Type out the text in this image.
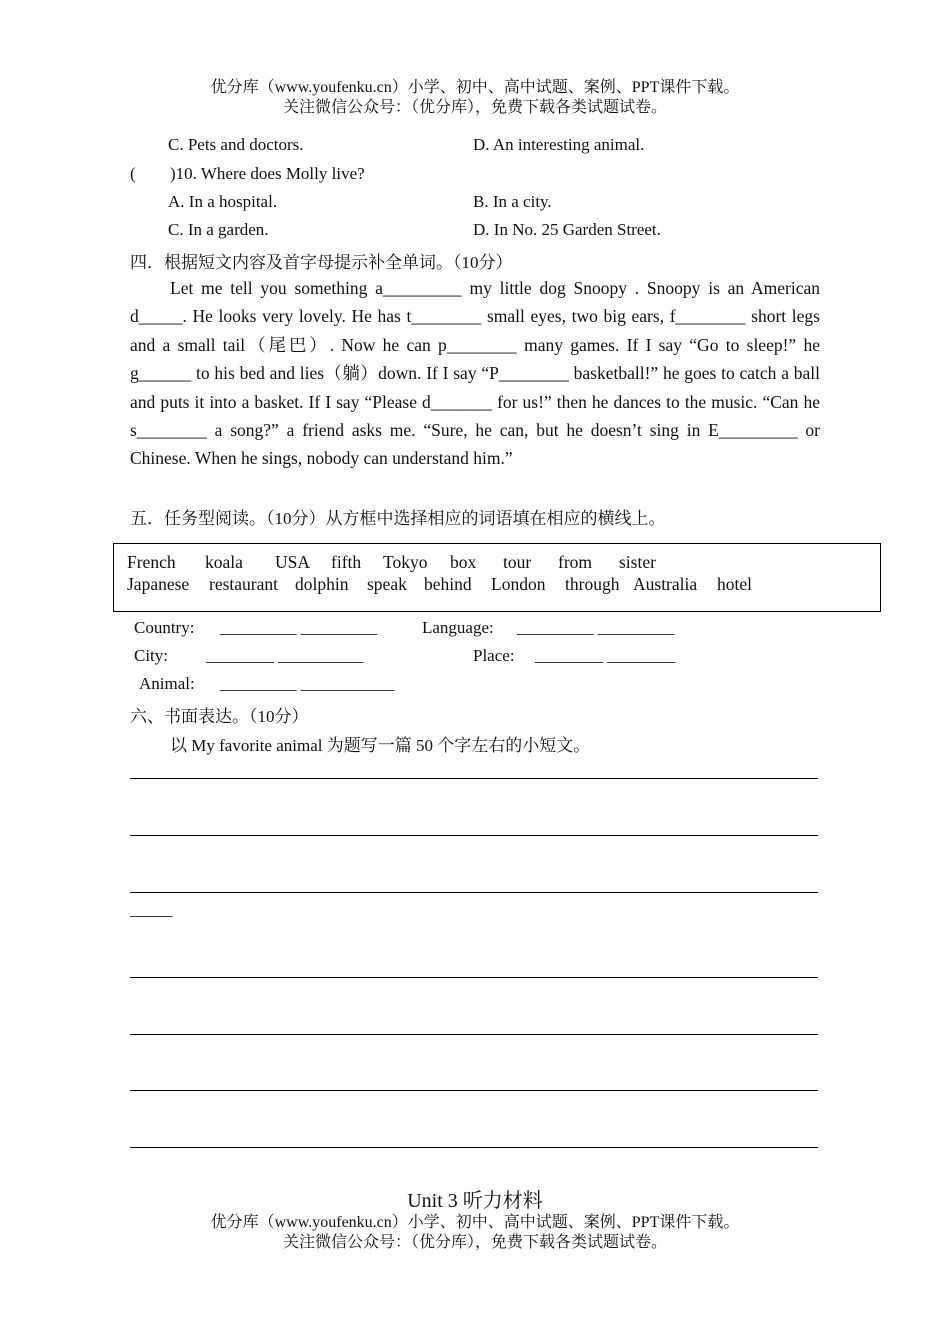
优分库（www.youfenku.cn）小学、初中、高中试题、案例、PPT课件下载。
关注微信公众号：（优分库），免费下载各类试题试卷。
C. Pets and doctors.	D. An interesting animal.
( )10. Where does Molly live?
A. In a hospital.	B. In a city.
C. In a garden.	D. In No. 25 Garden Street.
四．根据短文内容及首字母提示补全单词。（10分）
Let me tell you something a_________ my little dog Snoopy . Snoopy is an American d_____. He looks very lovely. He has t________ small eyes, two big ears, f________ short legs and a small tail（尾巴）. Now he can p________ many games. If I say “Go to sleep!” he g______ to his bed and lies（躺）down. If I say “P________ basketball!” he goes to catch a ball and puts it into a basket. If I say “Please d_______ for us!” then he dances to the music. “Can he s________ a song?” a friend asks me. “Sure, he can, but he doesn’t sing in E_________ or Chinese. When he sings, nobody can understand him.”
五．任务型阅读。（10分）从方框中选择相应的词语填在相应的横线上。
French koala USA fifth Tokyo box tour from sister
Japanese restaurant dolphin speak behind London through Australia hotel
Country: _________ _________	Language: _________ _________
City: ________ __________	Place: ________ ________
Animal: _________ ___________
六、书面表达。（10分）
以 My favorite animal 为题写一篇 50 个字左右的小短文。
_____
Unit 3 听力材料
优分库（www.youfenku.cn）小学、初中、高中试题、案例、PPT课件下载。
关注微信公众号：（优分库），免费下载各类试题试卷。
